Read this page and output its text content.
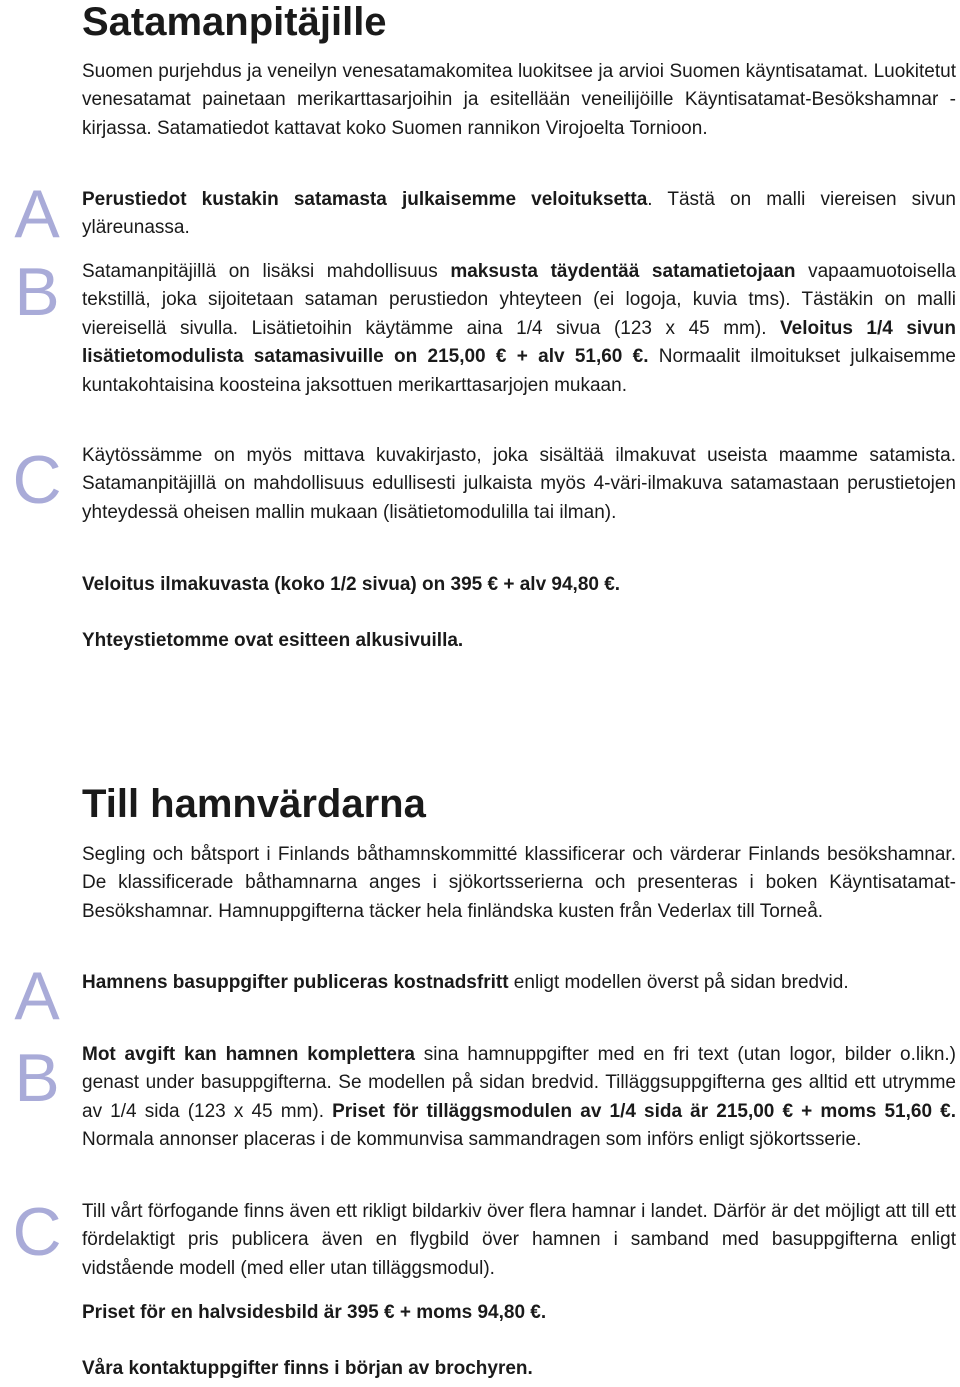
Satamanpitäjille
A
B
C

Suomen purjehdus ja veneilyn venesatamakomitea luokitsee ja arvioi Suomen käyntisatamat. Luokitetut venesatamat painetaan merikarttasarjoihin ja esitellään veneilijöille Käyntisatamat-Besökshamnar -kirjassa. Satamatiedot kattavat koko Suomen rannikon Virojoelta Tornioon.

Perustiedot kustakin satamasta julkaisemme veloituksetta. Tästä on malli viereisen sivun yläreunassa.

Satamanpitäjillä on lisäksi mahdollisuus maksusta täydentää satamatietojaan vapaamuotoisella tekstillä, joka sijoitetaan sataman perustiedon yhteyteen (ei logoja, kuvia tms). Tästäkin on malli viereisellä sivulla. Lisätietoihin käytämme aina 1/4 sivua (123 x 45 mm). Veloitus 1/4 sivun lisätietomodulista satamasivuille on 215,00 € + alv 51,60 €. Normaalit ilmoitukset julkaisemme kuntakohtaisina koosteina jaksottuen merikarttasarjojen mukaan.

Käytössämme on myös mittava kuvakirjasto, joka sisältää ilmakuvat useista maamme satamista. Satamanpitäjillä on mahdollisuus edullisesti julkaista myös 4-väri-ilmakuva satamastaan perustietojen yhteydessä oheisen mallin mukaan (lisätietomodulilla tai ilman).

Veloitus ilmakuvasta (koko 1/2 sivua) on 395 € + alv 94,80 €.

Yhteystietomme ovat esitteen alkusivuilla.

Till hamnvärdarna
A
B
C

Segling och båtsport i Finlands båthamnskommitté klassificerar och värderar Finlands besökshamnar. De klassificerade båthamnarna anges i sjökortsserierna och presenteras i boken Käyntisatamat-Besökshamnar. Hamnuppgifterna täcker hela finländska kusten från Vederlax till Torneå.

Hamnens basuppgifter publiceras kostnadsfritt enligt modellen överst på sidan bredvid.

Mot avgift kan hamnen komplettera sina hamnuppgifter med en fri text (utan logor, bilder o.likn.) genast under basuppgifterna. Se modellen på sidan bredvid. Tilläggsuppgifterna ges alltid ett utrymme av 1/4 sida (123 x 45 mm). Priset för tilläggsmodulen av 1/4 sida är 215,00 € + moms 51,60 €. Normala annonser placeras i de kommunvisa sammandragen som införs enligt sjökortsserie.

Till vårt förfogande finns även ett rikligt bildarkiv över flera hamnar i landet. Därför är det möjligt att till ett fördelaktigt pris publicera även en flygbild över hamnen i samband med basuppgifterna enligt vidstående modell (med eller utan tilläggsmodul).

Priset för en halvsidesbild är 395 € + moms 94,80 €.

Våra kontaktuppgifter finns i början av brochyren.
